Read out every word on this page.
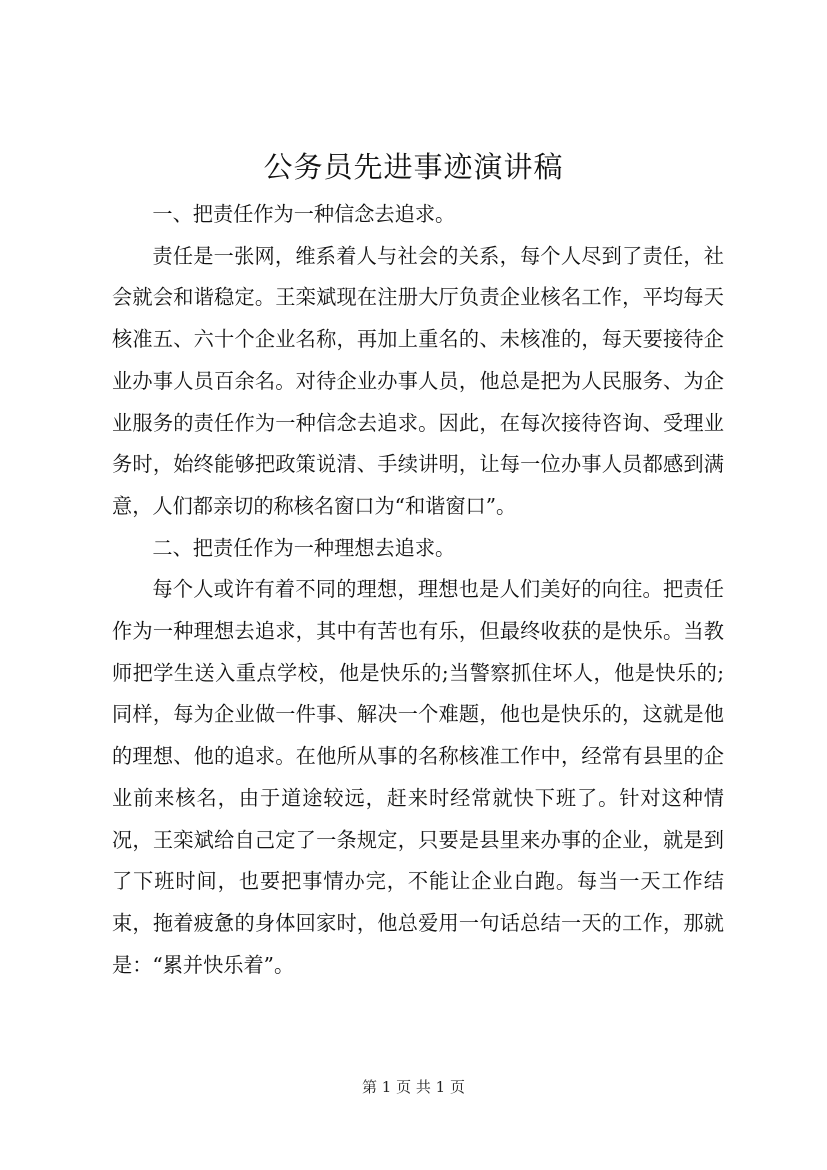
公务员先进事迹演讲稿

一、把责任作为一种信念去追求。

责任是一张网，维系着人与社会的关系，每个人尽到了责任，社会就会和谐稳定。王栾斌现在注册大厅负责企业核名工作，平均每天核准五、六十个企业名称，再加上重名的、未核准的，每天要接待企业办事人员百余名。对待企业办事人员，他总是把为人民服务、为企业服务的责任作为一种信念去追求。因此，在每次接待咨询、受理业务时，始终能够把政策说清、手续讲明，让每一位办事人员都感到满意，人们都亲切的称核名窗口为“和谐窗口”。

二、把责任作为一种理想去追求。

每个人或许有着不同的理想，理想也是人们美好的向往。把责任作为一种理想去追求，其中有苦也有乐，但最终收获的是快乐。当教师把学生送入重点学校，他是快乐的;当警察抓住坏人，他是快乐的;同样，每为企业做一件事、解决一个难题，他也是快乐的，这就是他的理想、他的追求。在他所从事的名称核准工作中，经常有县里的企业前来核名，由于道途较远，赶来时经常就快下班了。针对这种情况，王栾斌给自己定了一条规定，只要是县里来办事的企业，就是到了下班时间，也要把事情办完，不能让企业白跑。每当一天工作结束，拖着疲惫的身体回家时，他总爱用一句话总结一天的工作，那就是：“累并快乐着”。

第 1 页 共 1 页
